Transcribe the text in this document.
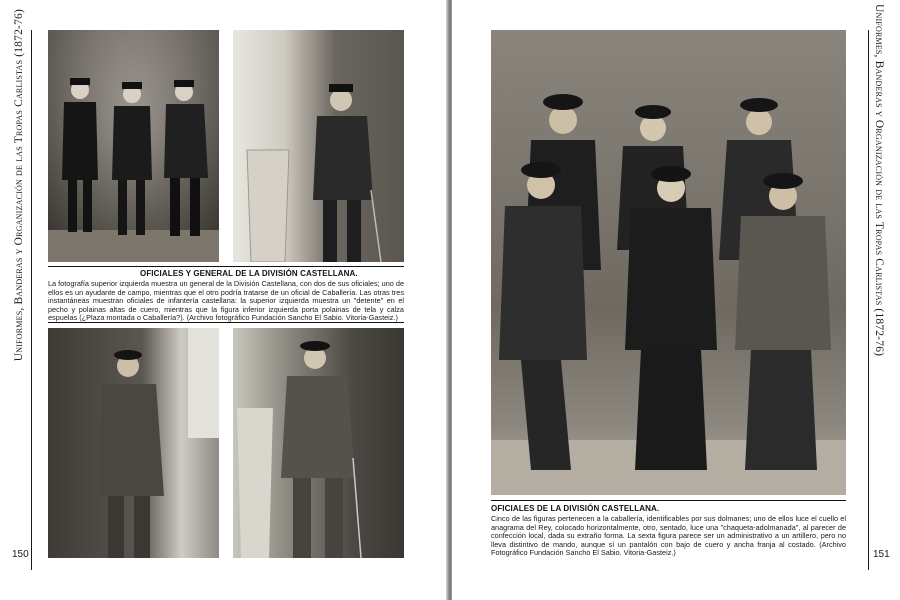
Uniformes, Banderas y Organización de las Tropas Carlistas (1872-76)	OFICIALES Y GENERAL DE LA DIVISIÓN CASTELLANA.
La fotografía superior izquierda muestra un general de la División Castellana, con dos de sus oficiales; uno de ellos es un ayudante de campo, mientras que el otro podría tratarse de un oficial de Caballería. Las otras tres instantáneas muestran oficiales de infantería castellana: la superior izquierda muestra un "detente" en el pecho y polainas altas de cuero, mientras que la figura inferior izquierda porta polainas de tela y calza espuelas (¿Plaza montada o Caballería?). (Archivo fotográfico Fundación Sancho El Sabio. Vitoria-Gasteiz.)
150
OFICIALES DE LA DIVISIÓN CASTELLANA.
Cinco de las figuras pertenecen a la caballería, identificables por sus dolmanes; uno de ellos luce el cuello el anagrama del Rey, colocado horizontalmente, otro, sentado, luce una "chaqueta-adolmanada", al parecer de confección local, dada su extraño forma. La sexta figura parece ser un administrativo a un artillero, pero no lleva distintivo de mando, aunque sí un pantalón con bajo de cuero y ancha franja al costado. (Archivo Fotográfico Fundación Sancho El Sabio. Vitoria-Gasteiz.)
Uniformes, Banderas y Organización de las Tropas Carlistas (1872-76)
151
